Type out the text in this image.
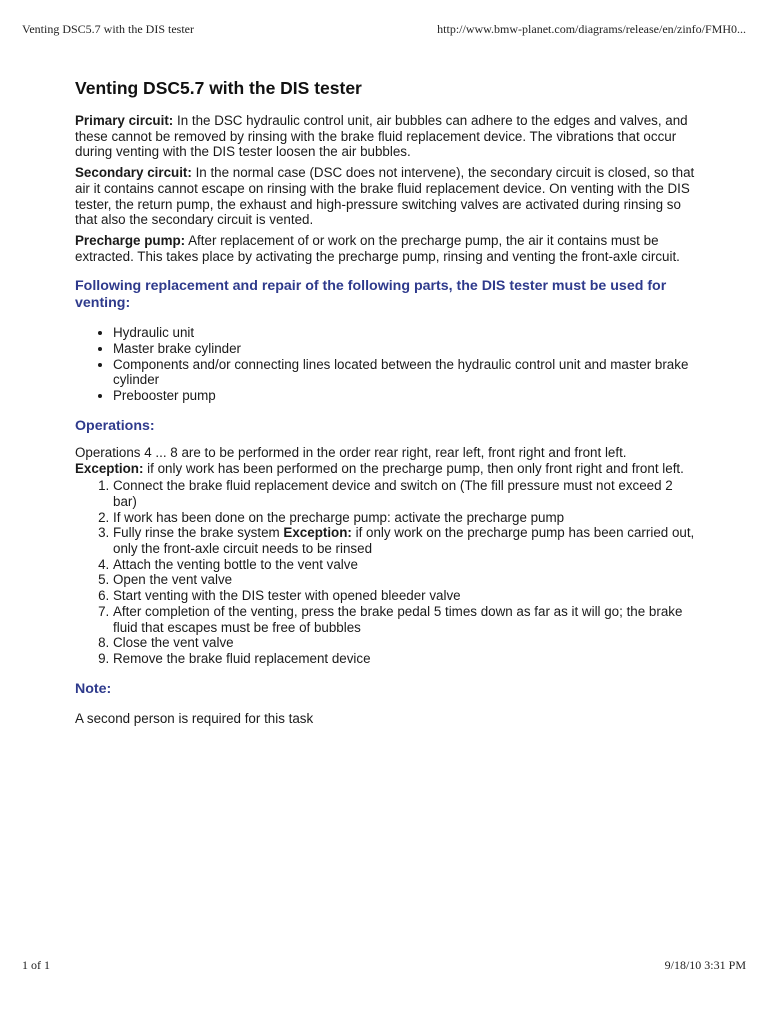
Venting DSC5.7 with the DIS tester	http://www.bmw-planet.com/diagrams/release/en/zinfo/FMH0...
Venting DSC5.7 with the DIS tester

Primary circuit: In the DSC hydraulic control unit, air bubbles can adhere to the edges and valves, and these cannot be removed by rinsing with the brake fluid replacement device. The vibrations that occur during venting with the DIS tester loosen the air bubbles.

Secondary circuit: In the normal case (DSC does not intervene), the secondary circuit is closed, so that air it contains cannot escape on rinsing with the brake fluid replacement device. On venting with the DIS tester, the return pump, the exhaust and high-pressure switching valves are activated during rinsing so that also the secondary circuit is vented.

Precharge pump: After replacement of or work on the precharge pump, the air it contains must be extracted. This takes place by activating the precharge pump, rinsing and venting the front-axle circuit.

Following replacement and repair of the following parts, the DIS tester must be used for venting:
• Hydraulic unit
• Master brake cylinder
• Components and/or connecting lines located between the hydraulic control unit and master brake cylinder
• Prebooster pump
Operations:

Operations 4 ... 8 are to be performed in the order rear right, rear left, front right and front left.
Exception: if only work has been performed on the precharge pump, then only front right and front left.

1. Connect the brake fluid replacement device and switch on (The fill pressure must not exceed 2 bar)
2. If work has been done on the precharge pump: activate the precharge pump
3. Fully rinse the brake system Exception: if only work on the precharge pump has been carried out, only the front-axle circuit needs to be rinsed
4. Attach the venting bottle to the vent valve
5. Open the vent valve
6. Start venting with the DIS tester with opened bleeder valve
7. After completion of the venting, press the brake pedal 5 times down as far as it will go; the brake fluid that escapes must be free of bubbles
8. Close the vent valve
9. Remove the brake fluid replacement device
Note:

A second person is required for this task

1 of 1	9/18/10 3:31 PM
